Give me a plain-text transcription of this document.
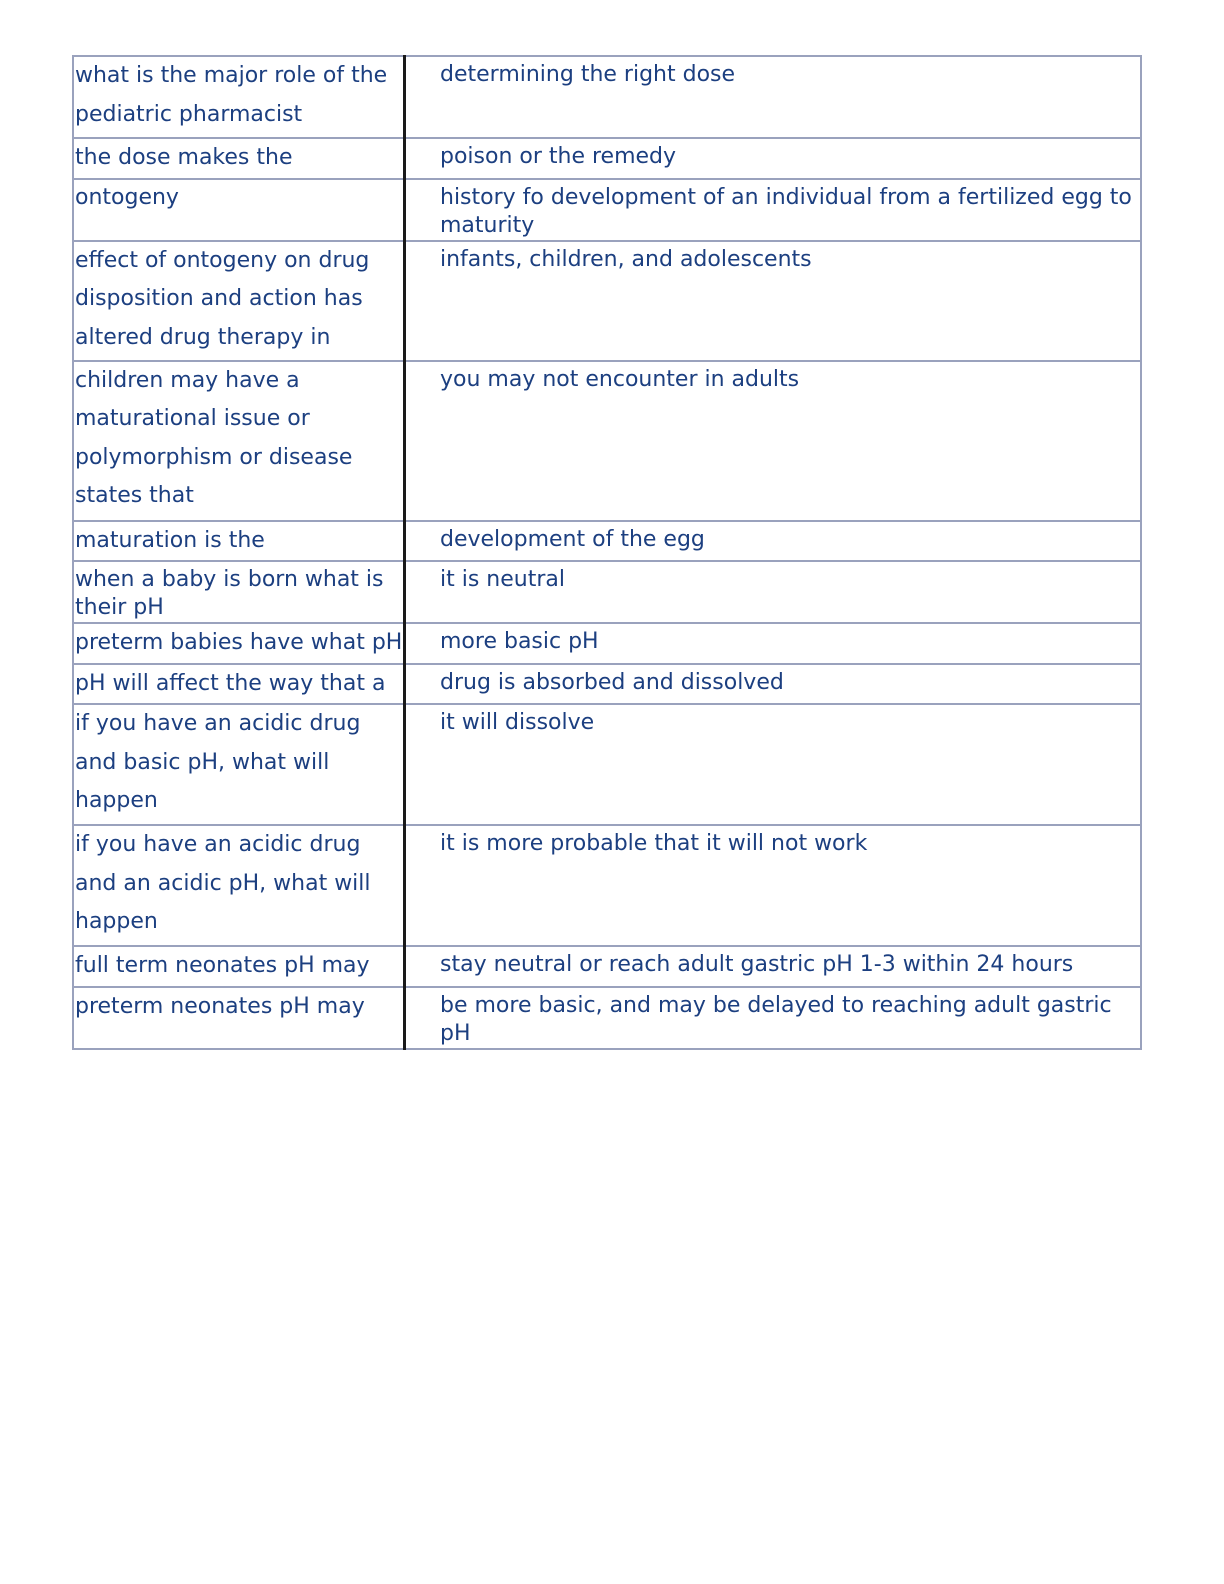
what is the major role of the pediatric pharmacist	determining the right dose

the dose makes the	poison or the remedy

ontogeny	history fo development of an individual from a fertilized egg to maturity

effect of ontogeny on drug disposition and action has altered drug therapy in	infants, children, and adolescents

children may have a maturational issue or polymorphism or disease states that	you may not encounter in adults

maturation is the	development of the egg

when a baby is born what is their pH	it is neutral

preterm babies have what pH	more basic pH

pH will affect the way that a	drug is absorbed and dissolved

if you have an acidic drug and basic pH, what will happen	it will dissolve

if you have an acidic drug and an acidic pH, what will happen	it is more probable that it will not work

full term neonates pH may	stay neutral or reach adult gastric pH 1-3 within 24 hours

preterm neonates pH may	be more basic, and may be delayed to reaching adult gastric pH
